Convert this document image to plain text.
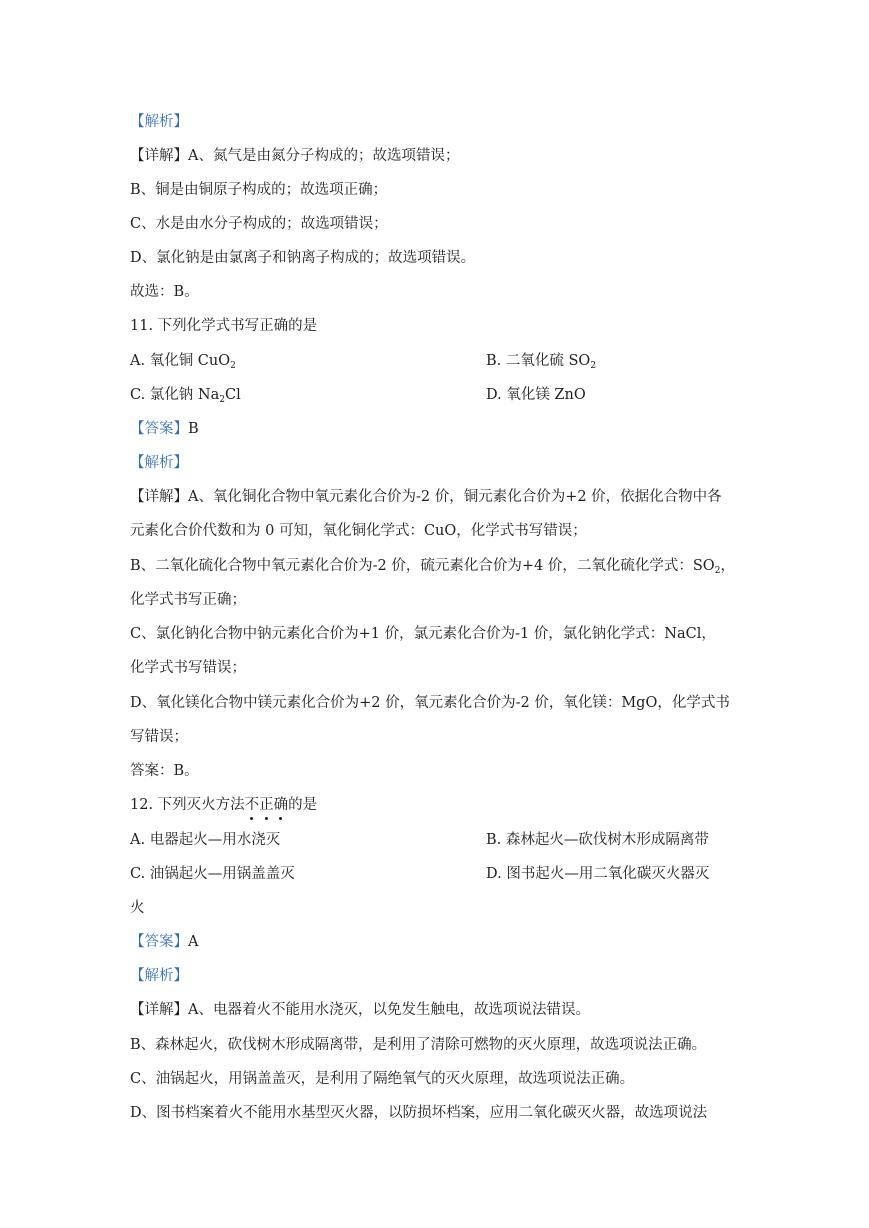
【解析】
【详解】A、氮气是由氮分子构成的；故选项错误；
B、铜是由铜原子构成的；故选项正确；
C、水是由水分子构成的；故选项错误；
D、氯化钠是由氯离子和钠离子构成的；故选项错误。
故选：B。
11. 下列化学式书写正确的是
A. 氧化铜 CuO$_2$	B. 二氧化硫 $SO_2$
C. 氯化钠 $Na_2Cl$	D. 氧化镁 ZnO
【答案】B
【解析】
【详解】A、氧化铜化合物中氧元素化合价为-2 价，铜元素化合价为+2 价，依据化合物中各
元素化合价代数和为 0 可知，氧化铜化学式：CuO，化学式书写错误；
B、二氧化硫化合物中氧元素化合价为-2 价，硫元素化合价为+4 价，二氧化硫化学式：$SO_2$，
化学式书写正确；
C、氯化钠化合物中钠元素化合价为+1 价，氯元素化合价为-1 价，氯化钠化学式：NaCl，
化学式书写错误；
D、氧化镁化合物中镁元素化合价为+2 价，氧元素化合价为-2 价，氧化镁：MgO，化学式书
写错误；
答案：B。
12. 下列灭火方法不正确的是
A. 电器起火—用水浇灭	B. 森林起火—砍伐树木形成隔离带
C. 油锅起火—用锅盖盖灭	D. 图书起火—用二氧化碳灭火器灭
火
【答案】A
【解析】
【详解】A、电器着火不能用水浇灭，以免发生触电，故选项说法错误。
B、森林起火，砍伐树木形成隔离带，是利用了清除可燃物的灭火原理，故选项说法正确。
C、油锅起火，用锅盖盖灭，是利用了隔绝氧气的灭火原理，故选项说法正确。
D、图书档案着火不能用水基型灭火器，以防损坏档案，应用二氧化碳灭火器，故选项说法
